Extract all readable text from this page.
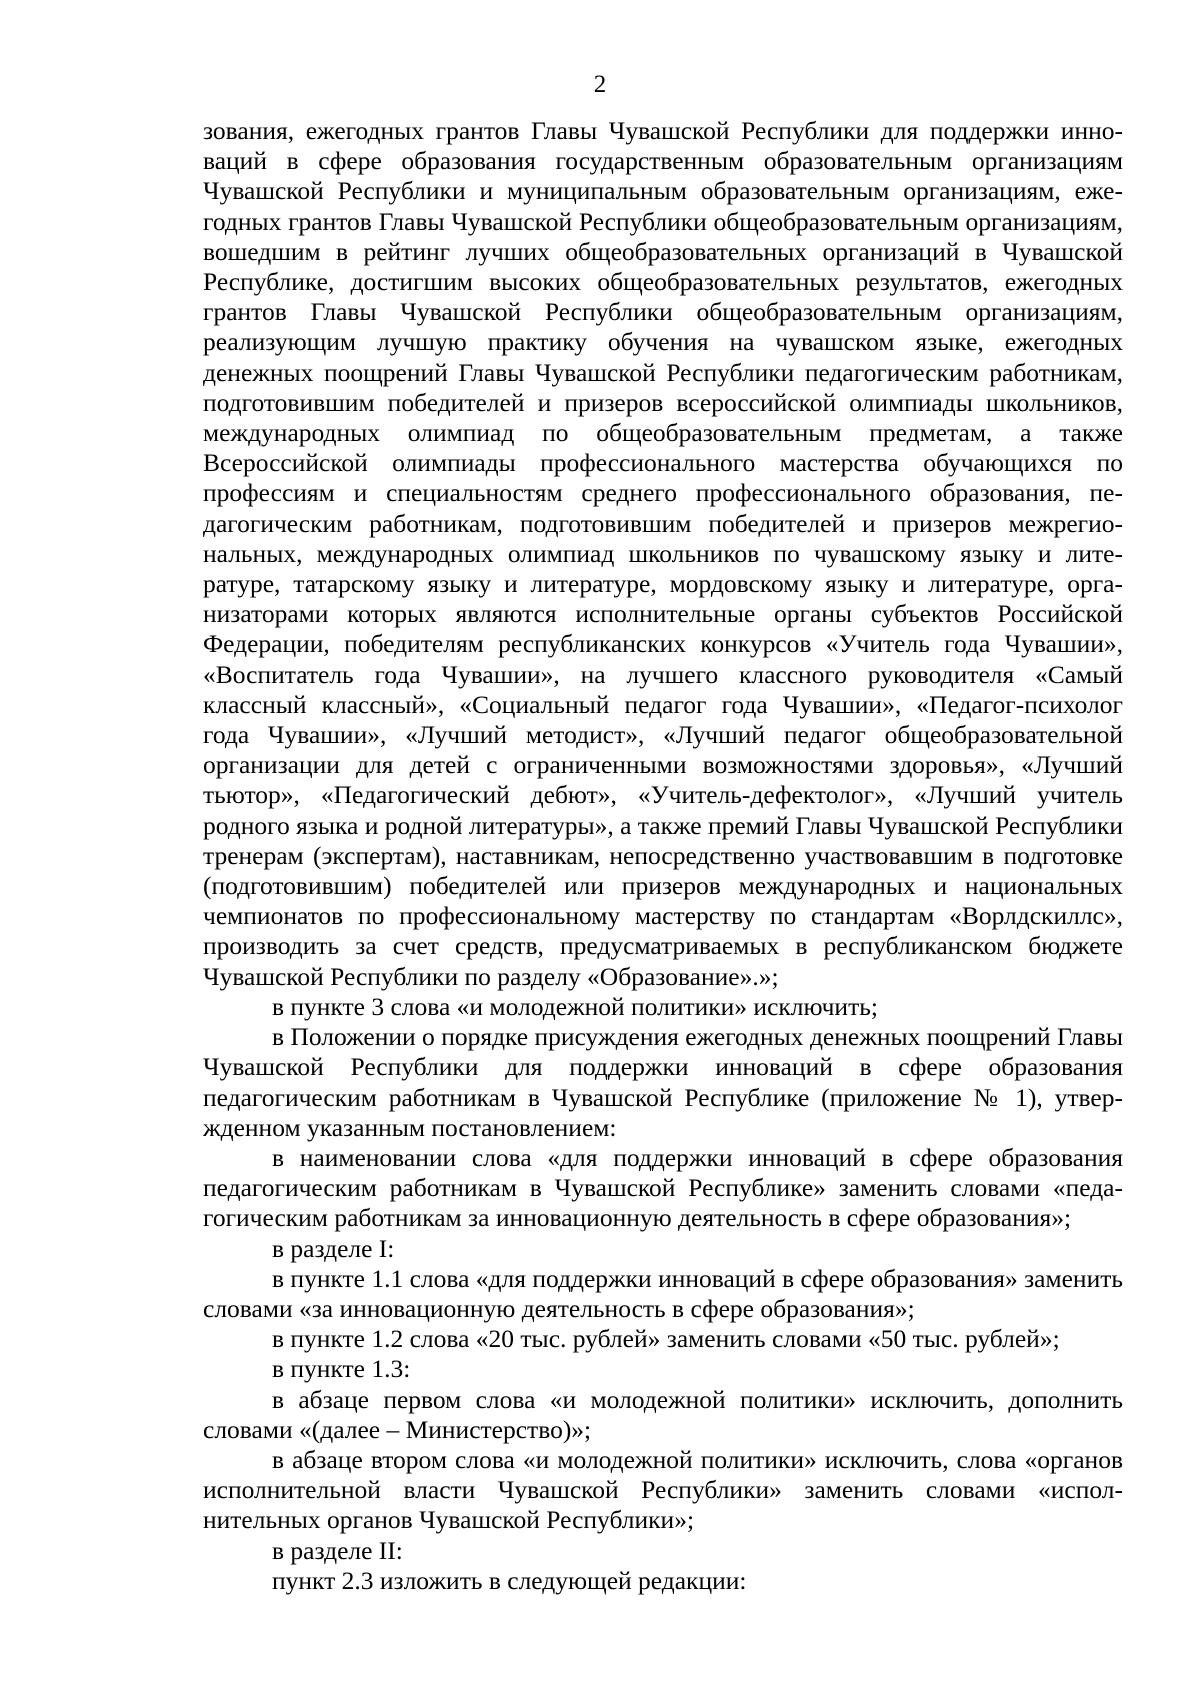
2

зования, ежегодных грантов Главы Чувашской Республики для поддержки инноваций в сфере образования государственным образовательным организациям Чувашской Республики и муниципальным образовательным организациям, ежегодных грантов Главы Чувашской Республики общеобразовательным организациям, вошедшим в рейтинг лучших общеобразовательных организаций в Чувашской Республике, достигшим высоких общеобразовательных результатов, ежегодных грантов Главы Чувашской Республики общеобразовательным организациям, реализующим лучшую практику обучения на чувашском языке, ежегодных денежных поощрений Главы Чувашской Республики педагогическим работникам, подготовившим победителей и призеров всероссийской олимпиады школьников, международных олимпиад по общеобразовательным предметам, а также Всероссийской олимпиады профессионального мастерства обучающихся по профессиям и специальностям среднего профессионального образования, педагогическим работникам, подготовившим победителей и призеров межрегиональных, международных олимпиад школьников по чувашскому языку и литературе, татарскому языку и литературе, мордовскому языку и литературе, организаторами которых являются исполнительные органы субъектов Российской Федерации, победителям республиканских конкурсов «Учитель года Чувашии», «Воспитатель года Чувашии», на лучшего классного руководителя «Самый классный классный», «Социальный педагог года Чувашии», «Педагог-психолог года Чувашии», «Лучший методист», «Лучший педагог общеобразовательной организации для детей с ограниченными возможностями здоровья», «Лучший тьютор», «Педагогический дебют», «Учитель-дефектолог», «Лучший учитель родного языка и родной литературы», а также премий Главы Чувашской Республики тренерам (экспертам), наставникам, непосредственно участвовавшим в подготовке (подготовившим) победителей или призеров международных и национальных чемпионатов по профессиональному мастерству по стандартам «Ворлдскиллс», производить за счет средств, предусматриваемых в республиканском бюджете Чувашской Республики по разделу «Образование».»;

в пункте 3 слова «и молодежной политики» исключить;

в Положении о порядке присуждения ежегодных денежных поощрений Главы Чувашской Республики для поддержки инноваций в сфере образования педагогическим работникам в Чувашской Республике (приложение № 1), утвержденном указанным постановлением:

в наименовании слова «для поддержки инноваций в сфере образования педагогическим работникам в Чувашской Республике» заменить словами «педагогическим работникам за инновационную деятельность в сфере образования»;

в разделе I:

в пункте 1.1 слова «для поддержки инноваций в сфере образования» заменить словами «за инновационную деятельность в сфере образования»;

в пункте 1.2 слова «20 тыс. рублей» заменить словами «50 тыс. рублей»;

в пункте 1.3:

в абзаце первом слова «и молодежной политики» исключить, дополнить словами «(далее – Министерство)»;

в абзаце втором слова «и молодежной политики» исключить, слова «органов исполнительной власти Чувашской Республики» заменить словами «исполнительных органов Чувашской Республики»;

в разделе II:

пункт 2.3 изложить в следующей редакции:
